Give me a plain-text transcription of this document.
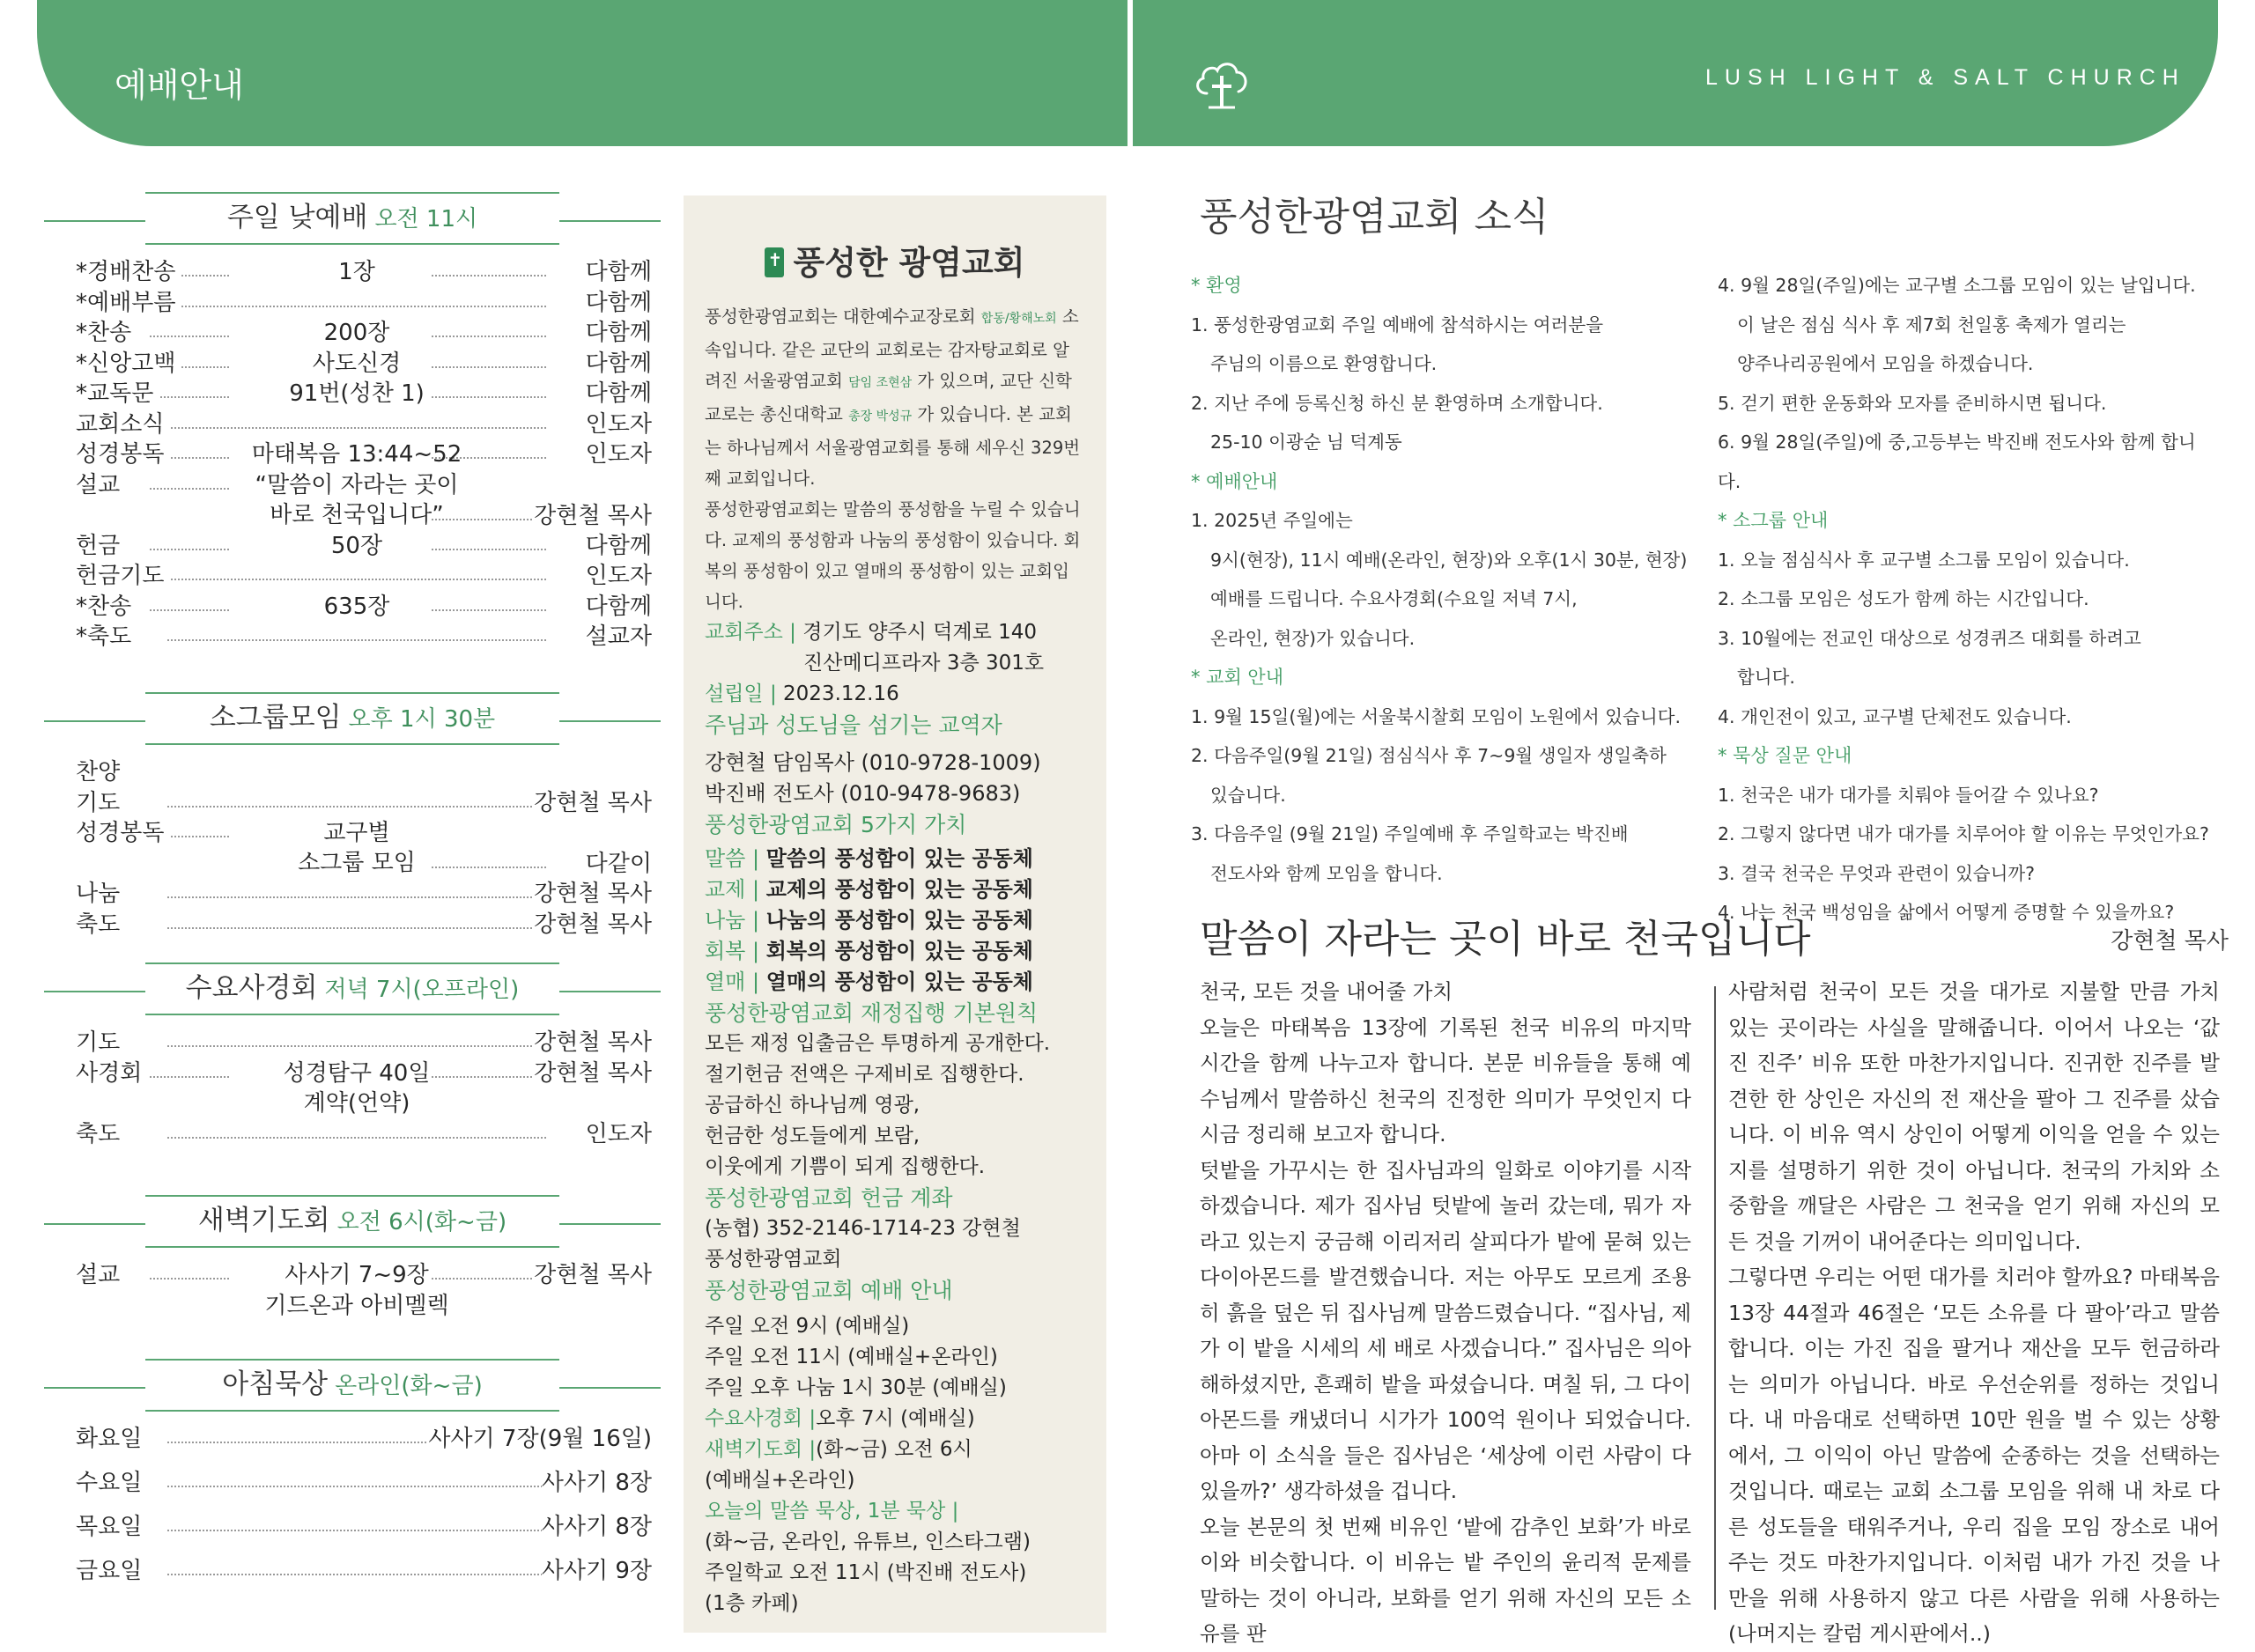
예배안내	LUSH LIGHT & SALT CHURCH
주일 낮예배 오전 11시
*경배찬송	1장	다함께
*예배부름	다함께
*찬송	200장	다함께
*신앙고백	사도신경	다함께
*교독문	91번(성찬 1)	다함께
교회소식	인도자
성경봉독	마태복음 13:44~52	인도자
설교	“말씀이 자라는 곳이
바로 천국입니다”	강현철 목사
헌금	50장	다함께
헌금기도	인도자
*찬송	635장	다함께
*축도	설교자
소그룹모임 오후 1시 30분
찬양
기도	강현철 목사
성경봉독	교구별
소그룹 모임	다같이
나눔	강현철 목사
축도	강현철 목사
수요사경회 저녁 7시(오프라인)
기도	강현철 목사
사경회	성경탐구 40일	강현철 목사
계약(언약)
축도	인도자
새벽기도회 오전 6시(화~금)
설교	사사기 7~9장	강현철 목사
기드온과 아비멜렉
아침묵상 온라인(화~금)
화요일	사사기 7장(9월 16일)
수요일	사사기 8장
목요일	사사기 8장
금요일	사사기 9장
✝풍성한 광염교회
풍성한광염교회는 대한예수교장로회 합동/황해노회 소속입니다. 같은 교단의 교회로는 감자탕교회로 알려진 서울광염교회 담임 조현삼 가 있으며, 교단 신학교로는 총신대학교 총장 박성규 가 있습니다. 본 교회는 하나님께서 서울광염교회를 통해 세우신 329번째 교회입니다.
풍성한광염교회는 말씀의 풍성함을 누릴 수 있습니다. 교제의 풍성함과 나눔의 풍성함이 있습니다. 회복의 풍성함이 있고 열매의 풍성함이 있는 교회입니다.
교회주소 | 경기도 양주시 덕계로 140
진산메디프라자 3층 301호
설립일 | 2023.12.16
주님과 성도님을 섬기는 교역자
강현철 담임목사 (010-9728-1009)
박진배 전도사 (010-9478-9683)
풍성한광염교회 5가지 가치
말씀 | 말씀의 풍성함이 있는 공동체
교제 | 교제의 풍성함이 있는 공동체
나눔 | 나눔의 풍성함이 있는 공동체
회복 | 회복의 풍성함이 있는 공동체
열매 | 열매의 풍성함이 있는 공동체
풍성한광염교회 재정집행 기본원칙
모든 재정 입출금은 투명하게 공개한다.
절기헌금 전액은 구제비로 집행한다.
공급하신 하나님께 영광,
헌금한 성도들에게 보람,
이웃에게 기쁨이 되게 집행한다.
풍성한광염교회 헌금 계좌
(농협) 352-2146-1714-23 강현철
풍성한광염교회
풍성한광염교회 예배 안내
주일 오전 9시 (예배실)
주일 오전 11시 (예배실+온라인)
주일 오후 나눔 1시 30분 (예배실)
수요사경회 |오후 7시 (예배실)
새벽기도회 |(화~금) 오전 6시
(예배실+온라인)
오늘의 말씀 묵상, 1분 묵상 |
(화~금, 온라인, 유튜브, 인스타그램)
주일학교 오전 11시 (박진배 전도사)
(1층 카페)
풍성한광염교회 소식
* 환영
1. 풍성한광염교회 주일 예배에 참석하시는 여러분을
주님의 이름으로 환영합니다.
2. 지난 주에 등록신청 하신 분 환영하며 소개합니다.
25-10 이광순 님 덕계동
* 예배안내
1. 2025년 주일에는
9시(현장), 11시 예배(온라인, 현장)와 오후(1시 30분, 현장)
예배를 드립니다. 수요사경회(수요일 저녁 7시,
온라인, 현장)가 있습니다.
* 교회 안내
1. 9월 15일(월)에는 서울북시찰회 모임이 노원에서 있습니다.
2. 다음주일(9월 21일) 점심식사 후 7~9월 생일자 생일축하
있습니다.
3. 다음주일 (9월 21일) 주일예배 후 주일학교는 박진배
전도사와 함께 모임을 합니다.
4. 9월 28일(주일)에는 교구별 소그룹 모임이 있는 날입니다.
이 날은 점심 식사 후 제7회 천일홍 축제가 열리는
양주나리공원에서 모임을 하겠습니다.
5. 걷기 편한 운동화와 모자를 준비하시면 됩니다.
6. 9월 28일(주일)에 중,고등부는 박진배 전도사와 함께 합니다.
* 소그룹 안내
1. 오늘 점심식사 후 교구별 소그룹 모임이 있습니다.
2. 소그룹 모임은 성도가 함께 하는 시간입니다.
3. 10월에는 전교인 대상으로 성경퀴즈 대회를 하려고
합니다.
4. 개인전이 있고, 교구별 단체전도 있습니다.
* 묵상 질문 안내
1. 천국은 내가 대가를 치뤄야 들어갈 수 있나요?
2. 그렇지 않다면 내가 대가를 치루어야 할 이유는 무엇인가요?
3. 결국 천국은 무엇과 관련이 있습니까?
4. 나는 천국 백성임을 삶에서 어떻게 증명할 수 있을까요?
말씀이 자라는 곳이 바로 천국입니다	강현철 목사
천국, 모든 것을 내어줄 가치
오늘은 마태복음 13장에 기록된 천국 비유의 마지막 시간을 함께 나누고자 합니다. 본문 비유들을 통해 예수님께서 말씀하신 천국의 진정한 의미가 무엇인지 다시금 정리해 보고자 합니다.
텃밭을 가꾸시는 한 집사님과의 일화로 이야기를 시작하겠습니다. 제가 집사님 텃밭에 놀러 갔는데, 뭐가 자라고 있는지 궁금해 이리저리 살피다가 밭에 묻혀 있는 다이아몬드를 발견했습니다. 저는 아무도 모르게 조용히 흙을 덮은 뒤 집사님께 말씀드렸습니다. “집사님, 제가 이 밭을 시세의 세 배로 사겠습니다.” 집사님은 의아해하셨지만, 흔쾌히 밭을 파셨습니다. 며칠 뒤, 그 다이아몬드를 캐냈더니 시가가 100억 원이나 되었습니다. 아마 이 소식을 들은 집사님은 ‘세상에 이런 사람이 다 있을까?’ 생각하셨을 겁니다.
오늘 본문의 첫 번째 비유인 ‘밭에 감추인 보화’가 바로 이와 비슷합니다. 이 비유는 밭 주인의 윤리적 문제를 말하는 것이 아니라, 보화를 얻기 위해 자신의 모든 소유를 판
사람처럼 천국이 모든 것을 대가로 지불할 만큼 가치 있는 곳이라는 사실을 말해줍니다. 이어서 나오는 ‘값진 진주’ 비유 또한 마찬가지입니다. 진귀한 진주를 발견한 한 상인은 자신의 전 재산을 팔아 그 진주를 샀습니다. 이 비유 역시 상인이 어떻게 이익을 얻을 수 있는지를 설명하기 위한 것이 아닙니다. 천국의 가치와 소중함을 깨달은 사람은 그 천국을 얻기 위해 자신의 모든 것을 기꺼이 내어준다는 의미입니다.
그렇다면 우리는 어떤 대가를 치러야 할까요? 마태복음 13장 44절과 46절은 ‘모든 소유를 다 팔아’라고 말씀합니다. 이는 가진 집을 팔거나 재산을 모두 헌금하라는 의미가 아닙니다. 바로 우선순위를 정하는 것입니다. 내 마음대로 선택하면 10만 원을 벌 수 있는 상황에서, 그 이익이 아닌 말씀에 순종하는 것을 선택하는 것입니다. 때로는 교회 소그룹 모임을 위해 내 차로 다른 성도들을 태워주거나, 우리 집을 모임 장소로 내어주는 것도 마찬가지입니다. 이처럼 내가 가진 것을 나만을 위해 사용하지 않고 다른 사람을 위해 사용하는 (나머지는 칼럼 게시판에서..)
